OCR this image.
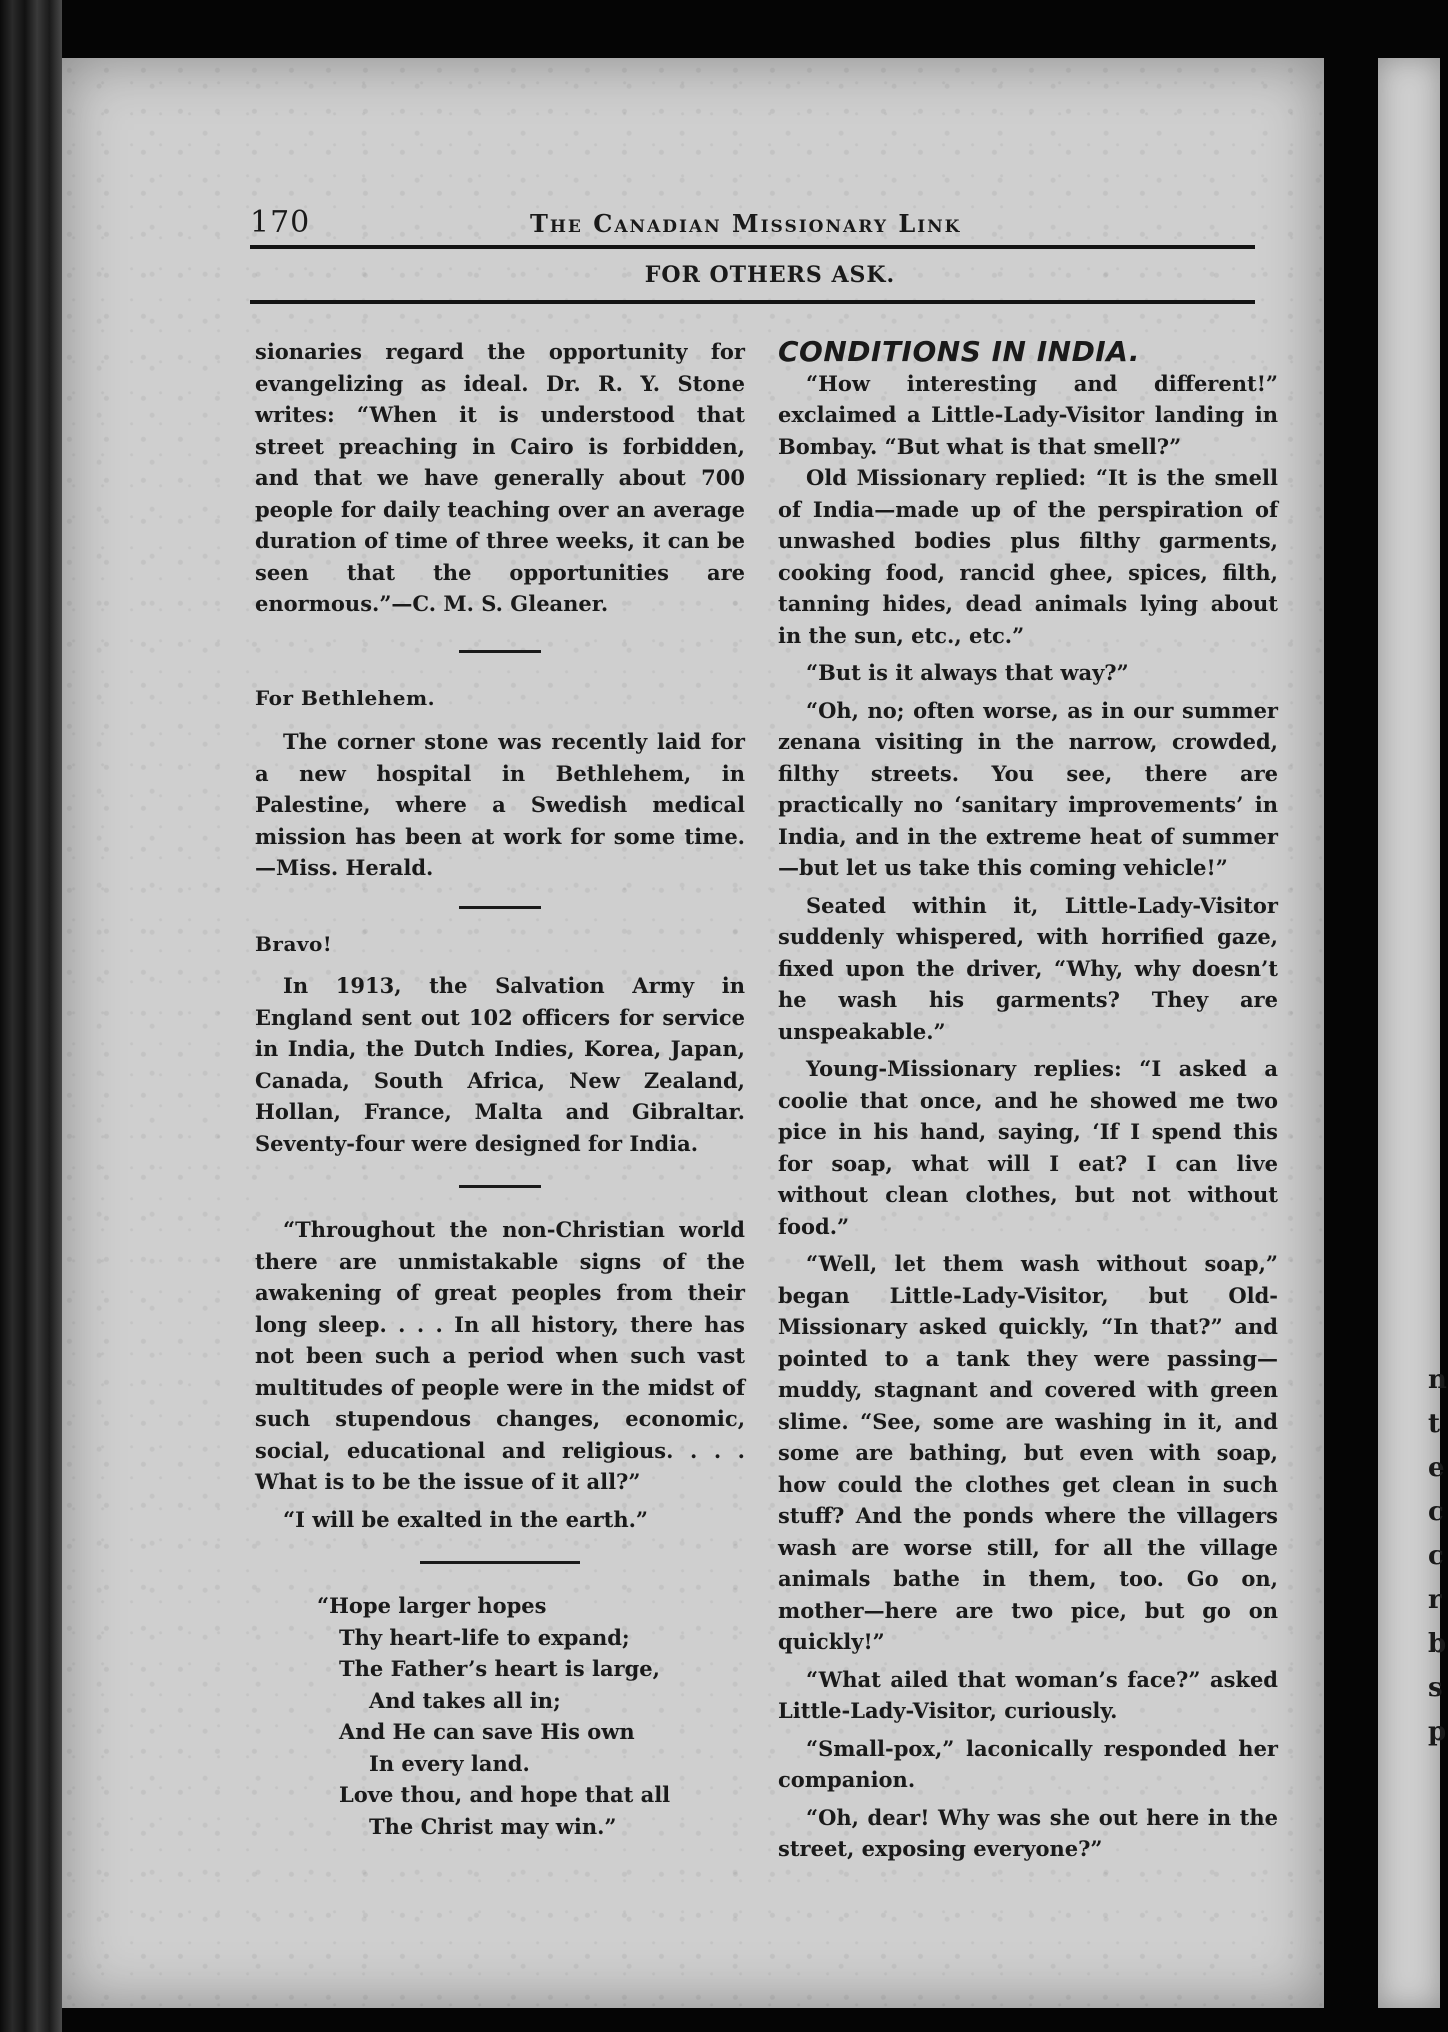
n
t
e
c
c
r
b
s
p
170	The Canadian Missionary Link
FOR OTHERS ASK.

sionaries regard the opportunity for evangelizing as ideal. Dr. R. Y. Stone writes: “When it is understood that street preaching in Cairo is forbidden, and that we have generally about 700 people for daily teaching over an average duration of time of three weeks, it can be seen that the opportunities are enormous.”—C. M. S. Gleaner.

For Bethlehem.

The corner stone was recently laid for a new hospital in Bethlehem, in Palestine, where a Swedish medical mission has been at work for some time.—Miss. Herald.

Bravo!

In 1913, the Salvation Army in England sent out 102 officers for service in India, the Dutch Indies, Korea, Japan, Canada, South Africa, New Zealand, Hollan, France, Malta and Gibraltar. Seventy-four were designed for India.

“Throughout the non-Christian world there are unmistakable signs of the awakening of great peoples from their long sleep. . . . In all history, there has not been such a period when such vast multitudes of people were in the midst of such stupendous changes, economic, social, educational and religious. . . . What is to be the issue of it all?”

“I will be exalted in the earth.”

“Hope larger hopes
Thy heart-life to expand;
The Father’s heart is large,
And takes all in;
And He can save His own
In every land.
Love thou, and hope that all
The Christ may win.”

CONDITIONS IN INDIA.

“How interesting and different!” exclaimed a Little-Lady-Visitor landing in Bombay. “But what is that smell?”

Old Missionary replied: “It is the smell of India—made up of the perspiration of unwashed bodies plus filthy garments, cooking food, rancid ghee, spices, filth, tanning hides, dead animals lying about in the sun, etc., etc.”

“But is it always that way?”

“Oh, no; often worse, as in our summer zenana visiting in the narrow, crowded, filthy streets. You see, there are practically no ‘sanitary improvements’ in India, and in the extreme heat of summer—but let us take this coming vehicle!”

Seated within it, Little-Lady-Visitor suddenly whispered, with horrified gaze, fixed upon the driver, “Why, why doesn’t he wash his garments? They are unspeakable.”

Young-Missionary replies: “I asked a coolie that once, and he showed me two pice in his hand, saying, ‘If I spend this for soap, what will I eat? I can live without clean clothes, but not without food.”

“Well, let them wash without soap,” began Little-Lady-Visitor, but Old-Missionary asked quickly, “In that?” and pointed to a tank they were passing—muddy, stagnant and covered with green slime. “See, some are washing in it, and some are bathing, but even with soap, how could the clothes get clean in such stuff? And the ponds where the villagers wash are worse still, for all the village animals bathe in them, too. Go on, mother—here are two pice, but go on quickly!”

“What ailed that woman’s face?” asked Little-Lady-Visitor, curiously.

“Small-pox,” laconically responded her companion.

“Oh, dear! Why was she out here in the street, exposing everyone?”
